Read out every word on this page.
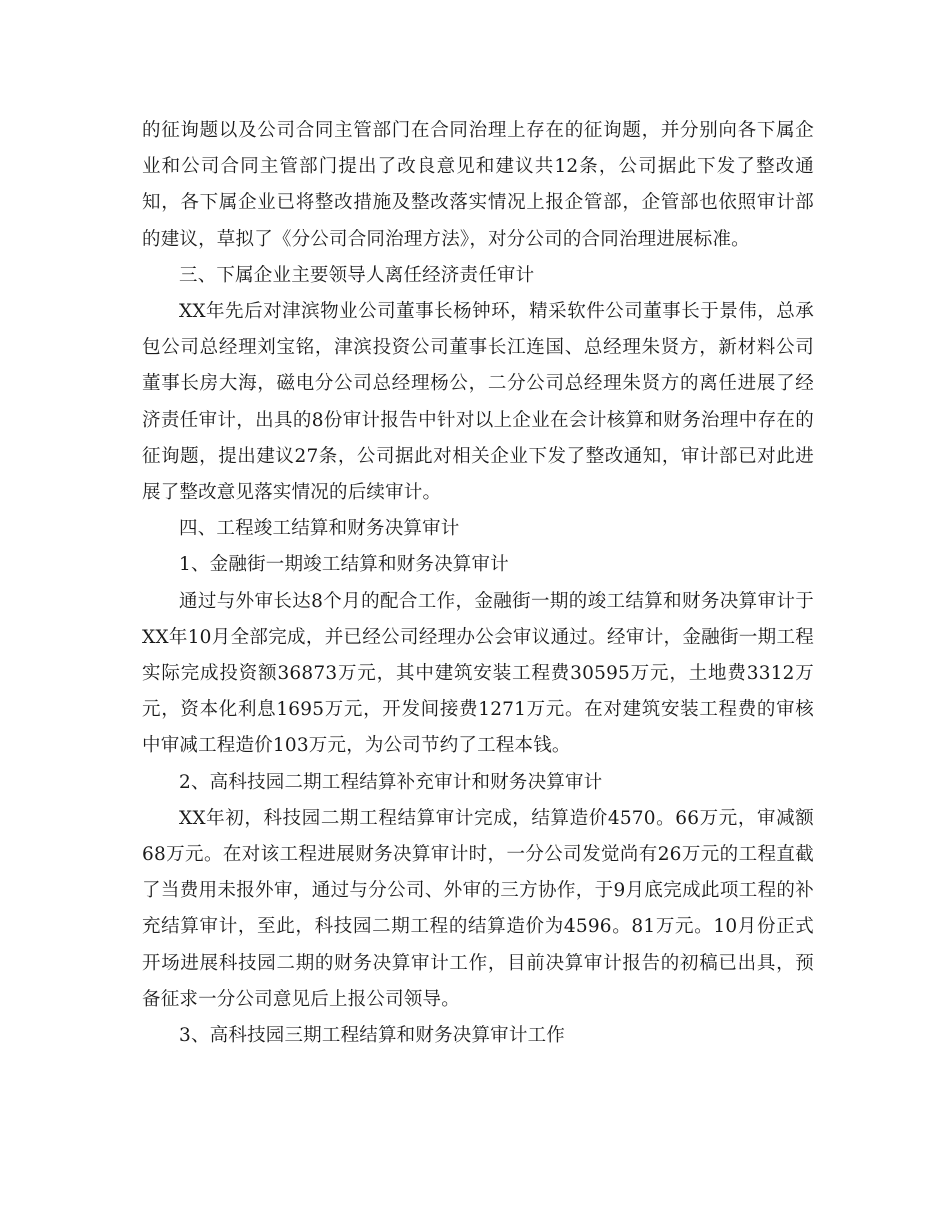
的征询题以及公司合同主管部门在合同治理上存在的征询题，并分别向各下属企业和公司合同主管部门提出了改良意见和建议共12条，公司据此下发了整改通知，各下属企业已将整改措施及整改落实情况上报企管部，企管部也依照审计部的建议，草拟了《分公司合同治理方法》，对分公司的合同治理进展标准。

三、下属企业主要领导人离任经济责任审计

XX年先后对津滨物业公司董事长杨钟环，精采软件公司董事长于景伟，总承包公司总经理刘宝铭，津滨投资公司董事长江连国、总经理朱贤方，新材料公司董事长房大海，磁电分公司总经理杨公，二分公司总经理朱贤方的离任进展了经济责任审计，出具的8份审计报告中针对以上企业在会计核算和财务治理中存在的征询题，提出建议27条，公司据此对相关企业下发了整改通知，审计部已对此进展了整改意见落实情况的后续审计。

四、工程竣工结算和财务决算审计

1、金融街一期竣工结算和财务决算审计

通过与外审长达8个月的配合工作，金融街一期的竣工结算和财务决算审计于XX年10月全部完成，并已经公司经理办公会审议通过。经审计，金融街一期工程实际完成投资额36873万元，其中建筑安装工程费30595万元，土地费3312万元，资本化利息1695万元，开发间接费1271万元。在对建筑安装工程费的审核中审减工程造价103万元，为公司节约了工程本钱。

2、高科技园二期工程结算补充审计和财务决算审计

XX年初，科技园二期工程结算审计完成，结算造价4570。66万元，审减额68万元。在对该工程进展财务决算审计时，一分公司发觉尚有26万元的工程直截了当费用未报外审，通过与分公司、外审的三方协作，于9月底完成此项工程的补充结算审计，至此，科技园二期工程的结算造价为4596。81万元。10月份正式开场进展科技园二期的财务决算审计工作，目前决算审计报告的初稿已出具，预备征求一分公司意见后上报公司领导。

3、高科技园三期工程结算和财务决算审计工作
